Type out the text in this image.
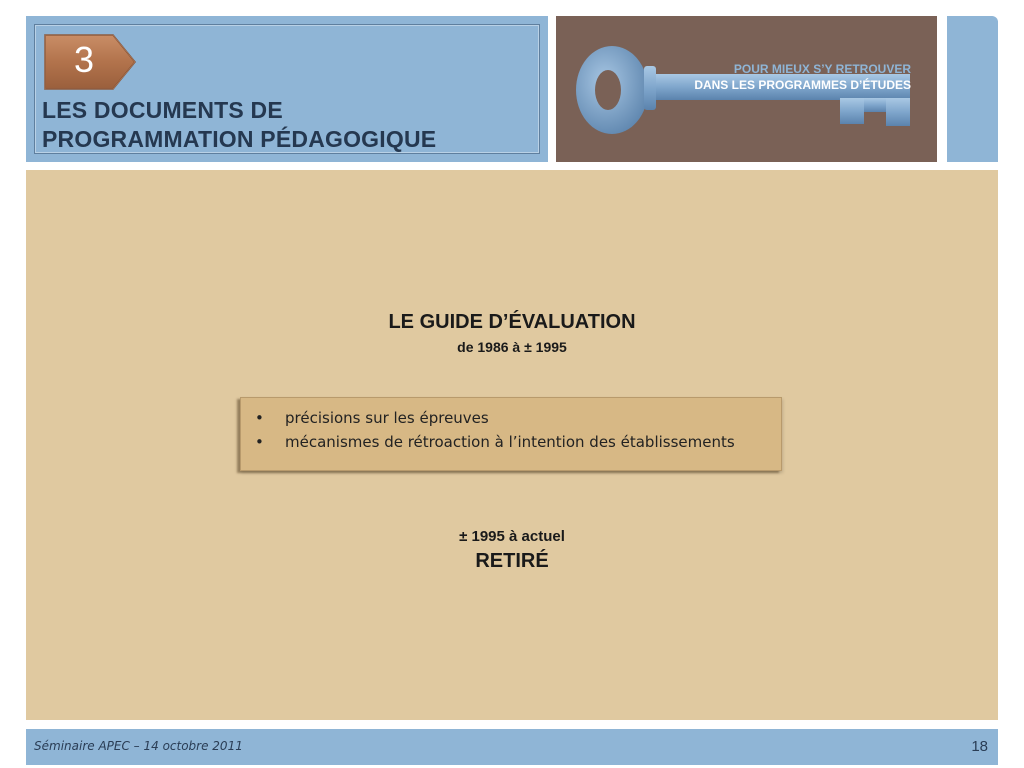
3
LES DOCUMENTS DE
PROGRAMMATION PÉDAGOGIQUE
POUR MIEUX S’Y RETROUVER
DANS LES PROGRAMMES D’ÉTUDES
LE GUIDE D’ÉVALUATION
de 1986 à ± 1995
• précisions sur les épreuves
• mécanismes de rétroaction à l’intention des établissements
± 1995 à actuel
RETIRÉ
Séminaire APEC – 14 octobre 2011	18
